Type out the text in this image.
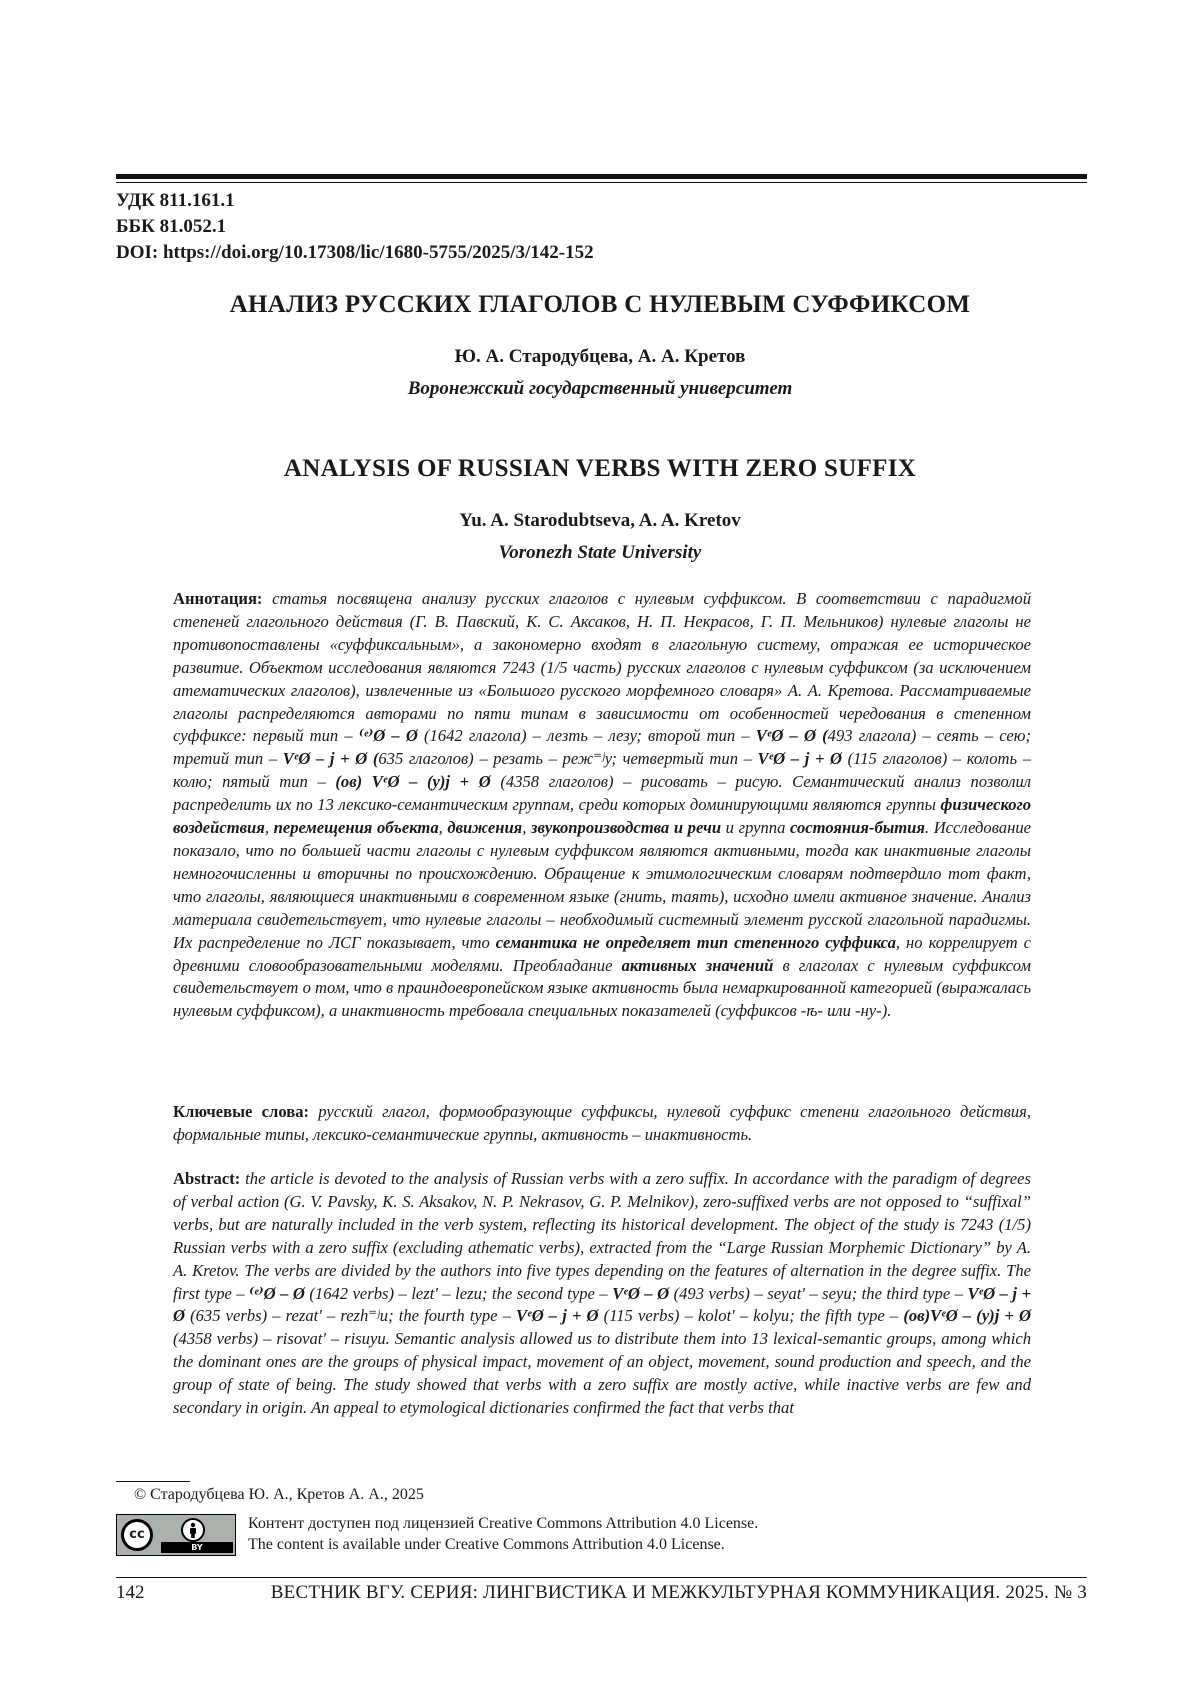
УДК 811.161.1
ББК 81.052.1
DOI: https://doi.org/10.17308/lic/1680-5755/2025/3/142-152
АНАЛИЗ РУССКИХ ГЛАГОЛОВ С НУЛЕВЫМ СУФФИКСОМ
Ю. А. Стародубцева, А. А. Кретов
Воронежский государственный университет
ANALYSIS OF RUSSIAN VERBS WITH ZERO SUFFIX
Yu. A. Starodubtseva, A. A. Kretov
Voronezh State University
Аннотация: статья посвящена анализу русских глаголов с нулевым суффиксом. В соответствии с парадигмой степеней глагольного действия (Г. В. Павский, К. С. Аксаков, Н. П. Некрасов, Г. П. Мельников) нулевые глаголы не противопоставлены «суффиксальным», а закономерно входят в глагольную систему, отражая ее историческое развитие. Объектом исследования являются 7243 (1/5 часть) русских глаголов с нулевым суффиксом (за исключением атематических глаголов), извлеченные из «Большого русского морфемного словаря» А. А. Кретова. Рассматриваемые глаголы распределяются авторами по пяти типам в зависимости от особенностей чередования в степенном суффиксе: первый тип – ⁽ᵉ⁾Ø – Ø (1642 глагола) – лезть – лезу; второй тип – VᵉØ – Ø (493 глагола) – сеять – сею; третий тип – VᵉØ – j + Ø (635 глаголов) – резать – реж⁼ʲу; четвертый тип – VᵉØ – j + Ø (115 глаголов) – колоть – колю; пятый тип – (ов) VᵉØ – (у)j + Ø (4358 глаголов) – рисовать – рисую. Семантический анализ позволил распределить их по 13 лексико-семантическим группам, среди которых доминирующими являются группы физического воздействия, перемещения объекта, движения, звукопроизводства и речи и группа состояния-бытия. Исследование показало, что по большей части глаголы с нулевым суффиксом являются активными, тогда как инактивные глаголы немногочисленны и вторичны по происхождению. Обращение к этимологическим словарям подтвердило тот факт, что глаголы, являющиеся инактивными в современном языке (гнить, таять), исходно имели активное значение. Анализ материала свидетельствует, что нулевые глаголы – необходимый системный элемент русской глагольной парадигмы. Их распределение по ЛСГ показывает, что семантика не определяет тип степенного суффикса, но коррелирует с древними словообразовательными моделями. Преобладание активных значений в глаголах с нулевым суффиксом свидетельствует о том, что в праиндоевропейском языке активность была немаркированной категорией (выражалась нулевым суффиксом), а инактивность требовала специальных показателей (суффиксов -ѣ- или -ну-).
Ключевые слова: русский глагол, формообразующие суффиксы, нулевой суффикс степени глагольного действия, формальные типы, лексико-семантические группы, активность – инактивность.
Abstract: the article is devoted to the analysis of Russian verbs with a zero suffix. In accordance with the paradigm of degrees of verbal action (G. V. Pavsky, K. S. Aksakov, N. P. Nekrasov, G. P. Melnikov), zero-suffixed verbs are not opposed to “suffixal” verbs, but are naturally included in the verb system, reflecting its historical development. The object of the study is 7243 (1/5) Russian verbs with a zero suffix (excluding athematic verbs), extracted from the “Large Russian Morphemic Dictionary” by A. A. Kretov. The verbs are divided by the authors into five types depending on the features of alternation in the degree suffix. The first type – ⁽ᵉ⁾Ø – Ø (1642 verbs) – lezt' – lezu; the second type – VᵉØ – Ø (493 verbs) – seyat' – seyu; the third type – VᵉØ – j + Ø (635 verbs) – rezat' – rezh⁼ʲu; the fourth type – VᵉØ – j + Ø (115 verbs) – kolot' – kolyu; the fifth type – (ов)VᵉØ – (у)j + Ø (4358 verbs) – risovat' – risuyu. Semantic analysis allowed us to distribute them into 13 lexical-semantic groups, among which the dominant ones are the groups of physical impact, movement of an object, movement, sound production and speech, and the group of state of being. The study showed that verbs with a zero suffix are mostly active, while inactive verbs are few and secondary in origin. An appeal to etymological dictionaries confirmed the fact that verbs that
© Стародубцева Ю. А., Кретов А. А., 2025
cc
BY
Контент доступен под лицензией Creative Commons Attribution 4.0 License.
The content is available under Creative Commons Attribution 4.0 License.
142	ВЕСТНИК ВГУ. СЕРИЯ: ЛИНГВИСТИКА И МЕЖКУЛЬТУРНАЯ КОММУНИКАЦИЯ. 2025. № 3
